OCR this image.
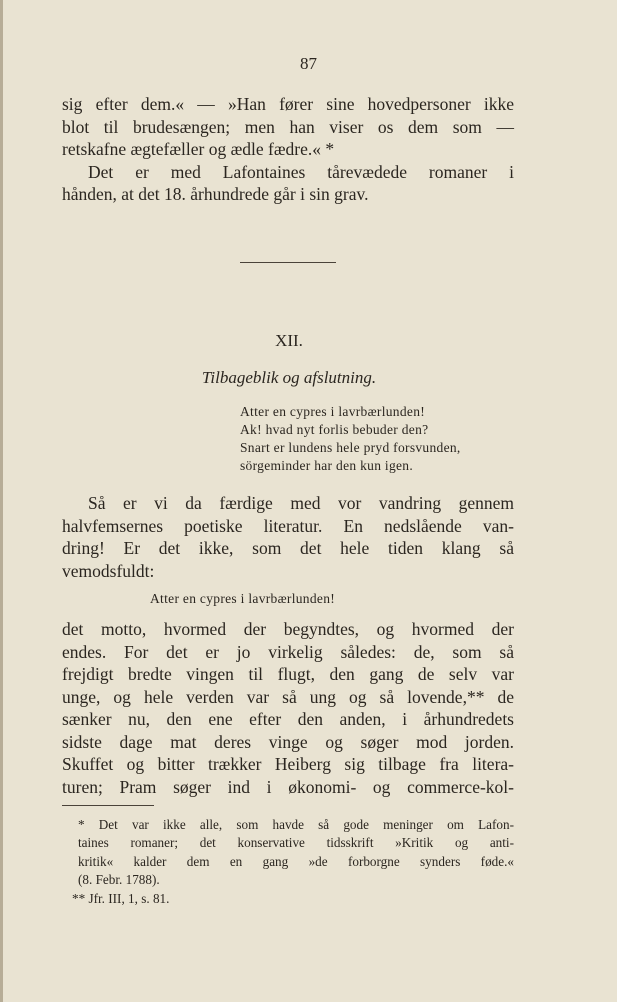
87

sig efter dem.« — »Han fører sine hovedpersoner ikke

blot til brudesængen; men han viser os dem som —

retskafne ægtefæller og ædle fædre.« *

Det er med Lafontaines tårevædede romaner i

hånden, at det 18. århundrede går i sin grav.

XII.
Tilbageblik og afslutning.
Atter en cypres i lavrbærlunden!
Ak! hvad nyt forlis bebuder den?
Snart er lundens hele pryd forsvunden,
sörgeminder har den kun igen.

Så er vi da færdige med vor vandring gennem

halvfemsernes poetiske literatur. En nedslående van-

dring! Er det ikke, som det hele tiden klang så

vemodsfuldt:

Atter en cypres i lavrbærlunden!

det motto, hvormed der begyndtes, og hvormed der

endes. For det er jo virkelig således: de, som så

frejdigt bredte vingen til flugt, den gang de selv var

unge, og hele verden var så ung og så lovende,** de

sænker nu, den ene efter den anden, i århundredets

sidste dage mat deres vinge og søger mod jorden.

Skuffet og bitter trækker Heiberg sig tilbage fra litera-

turen; Pram søger ind i økonomi- og commerce-kol-

* Det var ikke alle, som havde så gode meninger om Lafon-
taines romaner; det konservative tidsskrift »Kritik og anti-
kritik« kalder dem en gang »de forborgne synders føde.«
(8. Febr. 1788).
** Jfr. III, 1, s. 81.
